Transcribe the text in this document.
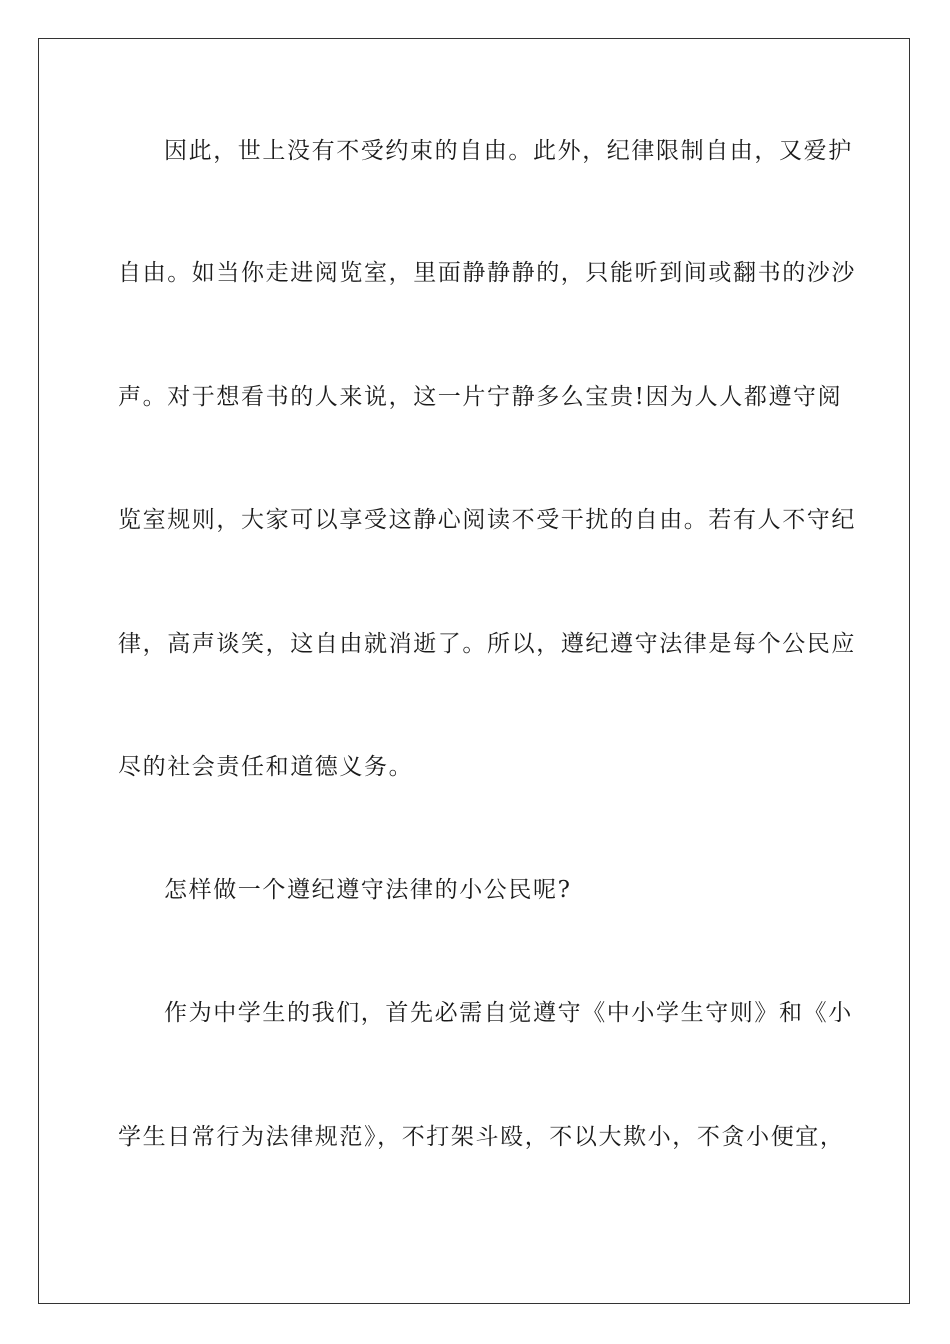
因此，世上没有不受约束的自由。此外，纪律限制自由，又爱护
自由。如当你走进阅览室，里面静静静的，只能听到间或翻书的沙沙
声。对于想看书的人来说，这一片宁静多么宝贵!因为人人都遵守阅
览室规则，大家可以享受这静心阅读不受干扰的自由。若有人不守纪
律，高声谈笑，这自由就消逝了。所以，遵纪遵守法律是每个公民应
尽的社会责任和道德义务。
怎样做一个遵纪遵守法律的小公民呢?
作为中学生的我们，首先必需自觉遵守《中小学生守则》和《小
学生日常行为法律规范》，不打架斗殴，不以大欺小，不贪小便宜，
